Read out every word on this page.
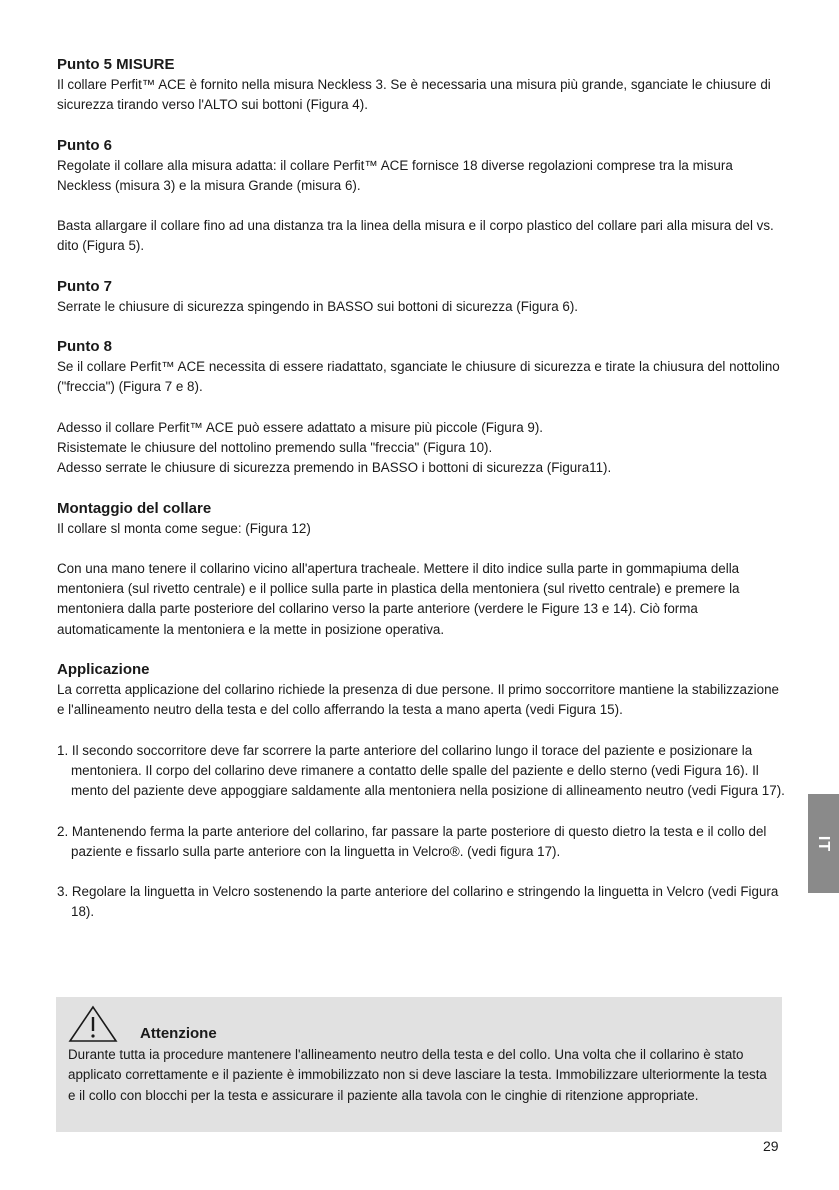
Punto 5 MISURE

Il collare Perfit™ ACE è fornito nella misura Neckless 3. Se è necessaria una misura più grande, sganciate le chiusure di sicurezza tirando verso l'ALTO sui bottoni (Figura 4).

Punto 6

Regolate il collare alla misura adatta: il collare Perfit™ ACE fornisce 18 diverse regolazioni comprese tra la misura Neckless (misura 3) e la misura Grande (misura 6).

Basta allargare il collare fino ad una distanza tra la linea della misura e il corpo plastico del collare pari alla misura del vs. dito (Figura 5).

Punto 7

Serrate le chiusure di sicurezza spingendo in BASSO sui bottoni di sicurezza (Figura 6).

Punto 8

Se il collare Perfit™ ACE necessita di essere riadattato, sganciate le chiusure di sicurezza e tirate la chiusura del nottolino ("freccia") (Figura 7 e 8).

Adesso il collare Perfit™ ACE può essere adattato a misure più piccole (Figura 9).
Risistemate le chiusure del nottolino premendo sulla "freccia" (Figura 10).
Adesso serrate le chiusure di sicurezza premendo in BASSO i bottoni di sicurezza (Figura11).

Montaggio del collare

Il collare sl monta come segue: (Figura 12)

Con una mano tenere il collarino vicino all'apertura tracheale. Mettere il dito indice sulla parte in gommapiuma della mentoniera (sul rivetto centrale) e il pollice sulla parte in plastica della mentoniera (sul rivetto centrale) e premere la mentoniera dalla parte posteriore del collarino verso la parte anteriore (verdere le Figure 13 e 14). Ciò forma automaticamente la mentoniera e la mette in posizione operativa.

Applicazione

La corretta applicazione del collarino richiede la presenza di due persone. Il primo soccorritore mantiene la stabilizzazione e l'allineamento neutro della testa e del collo afferrando la testa a mano aperta (vedi Figura 15).

1. Il secondo soccorritore deve far scorrere la parte anteriore del collarino lungo il torace del paziente e posizionare la mentoniera. Il corpo del collarino deve rimanere a contatto delle spalle del paziente e dello sterno (vedi Figura 16). Il mento del paziente deve appoggiare saldamente alla mentoniera nella posizione di allineamento neutro (vedi Figura 17).

2. Mantenendo ferma la parte anteriore del collarino, far passare la parte posteriore di questo dietro la testa e il collo del paziente e fissarlo sulla parte anteriore con la linguetta in Velcro®. (vedi figura 17).

3. Regolare la linguetta in Velcro sostenendo la parte anteriore del collarino e stringendo la linguetta in Velcro (vedi Figura 18).

Attenzione

Durante tutta ia procedure mantenere l'allineamento neutro della testa e del collo. Una volta che il collarino è stato applicato correttamente e il paziente è immobilizzato non si deve lasciare la testa. Immobilizzare ulteriormente la testa e il collo con blocchi per la testa e assicurare il paziente alla tavola con le cinghie di ritenzione appropriate.

IT
29
